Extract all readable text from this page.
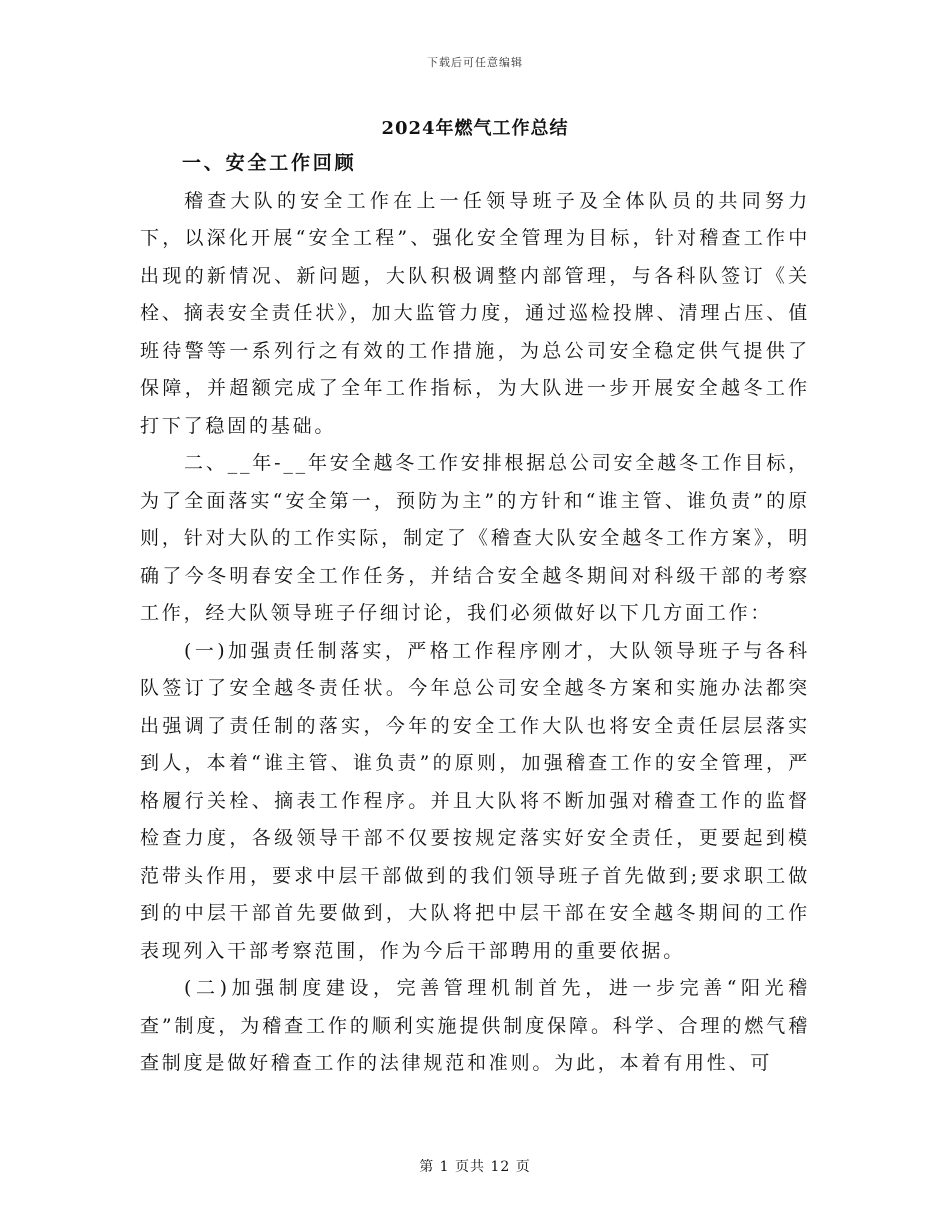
下载后可任意编辑
2024年燃气工作总结

一、安全工作回顾

稽查大队的安全工作在上一任领导班子及全体队员的共同努力下，以深化开展“安全工程”、强化安全管理为目标，针对稽查工作中出现的新情况、新问题，大队积极调整内部管理，与各科队签订《关栓、摘表安全责任状》，加大监管力度，通过巡检投牌、清理占压、值班待警等一系列行之有效的工作措施，为总公司安全稳定供气提供了保障，并超额完成了全年工作指标，为大队进一步开展安全越冬工作打下了稳固的基础。

二、__年-__年安全越冬工作安排根据总公司安全越冬工作目标，为了全面落实“安全第一，预防为主”的方针和“谁主管、谁负责”的原则，针对大队的工作实际，制定了《稽查大队安全越冬工作方案》，明确了今冬明春安全工作任务，并结合安全越冬期间对科级干部的考察工作，经大队领导班子仔细讨论，我们必须做好以下几方面工作：

(一)加强责任制落实，严格工作程序刚才，大队领导班子与各科队签订了安全越冬责任状。今年总公司安全越冬方案和实施办法都突出强调了责任制的落实，今年的安全工作大队也将安全责任层层落实到人，本着“谁主管、谁负责”的原则，加强稽查工作的安全管理，严格履行关栓、摘表工作程序。并且大队将不断加强对稽查工作的监督检查力度，各级领导干部不仅要按规定落实好安全责任，更要起到模范带头作用，要求中层干部做到的我们领导班子首先做到;要求职工做到的中层干部首先要做到，大队将把中层干部在安全越冬期间的工作表现列入干部考察范围，作为今后干部聘用的重要依据。

(二)加强制度建设，完善管理机制首先，进一步完善“阳光稽查”制度，为稽查工作的顺利实施提供制度保障。科学、合理的燃气稽查制度是做好稽查工作的法律规范和准则。为此，本着有用性、可

第 1 页共 12 页
